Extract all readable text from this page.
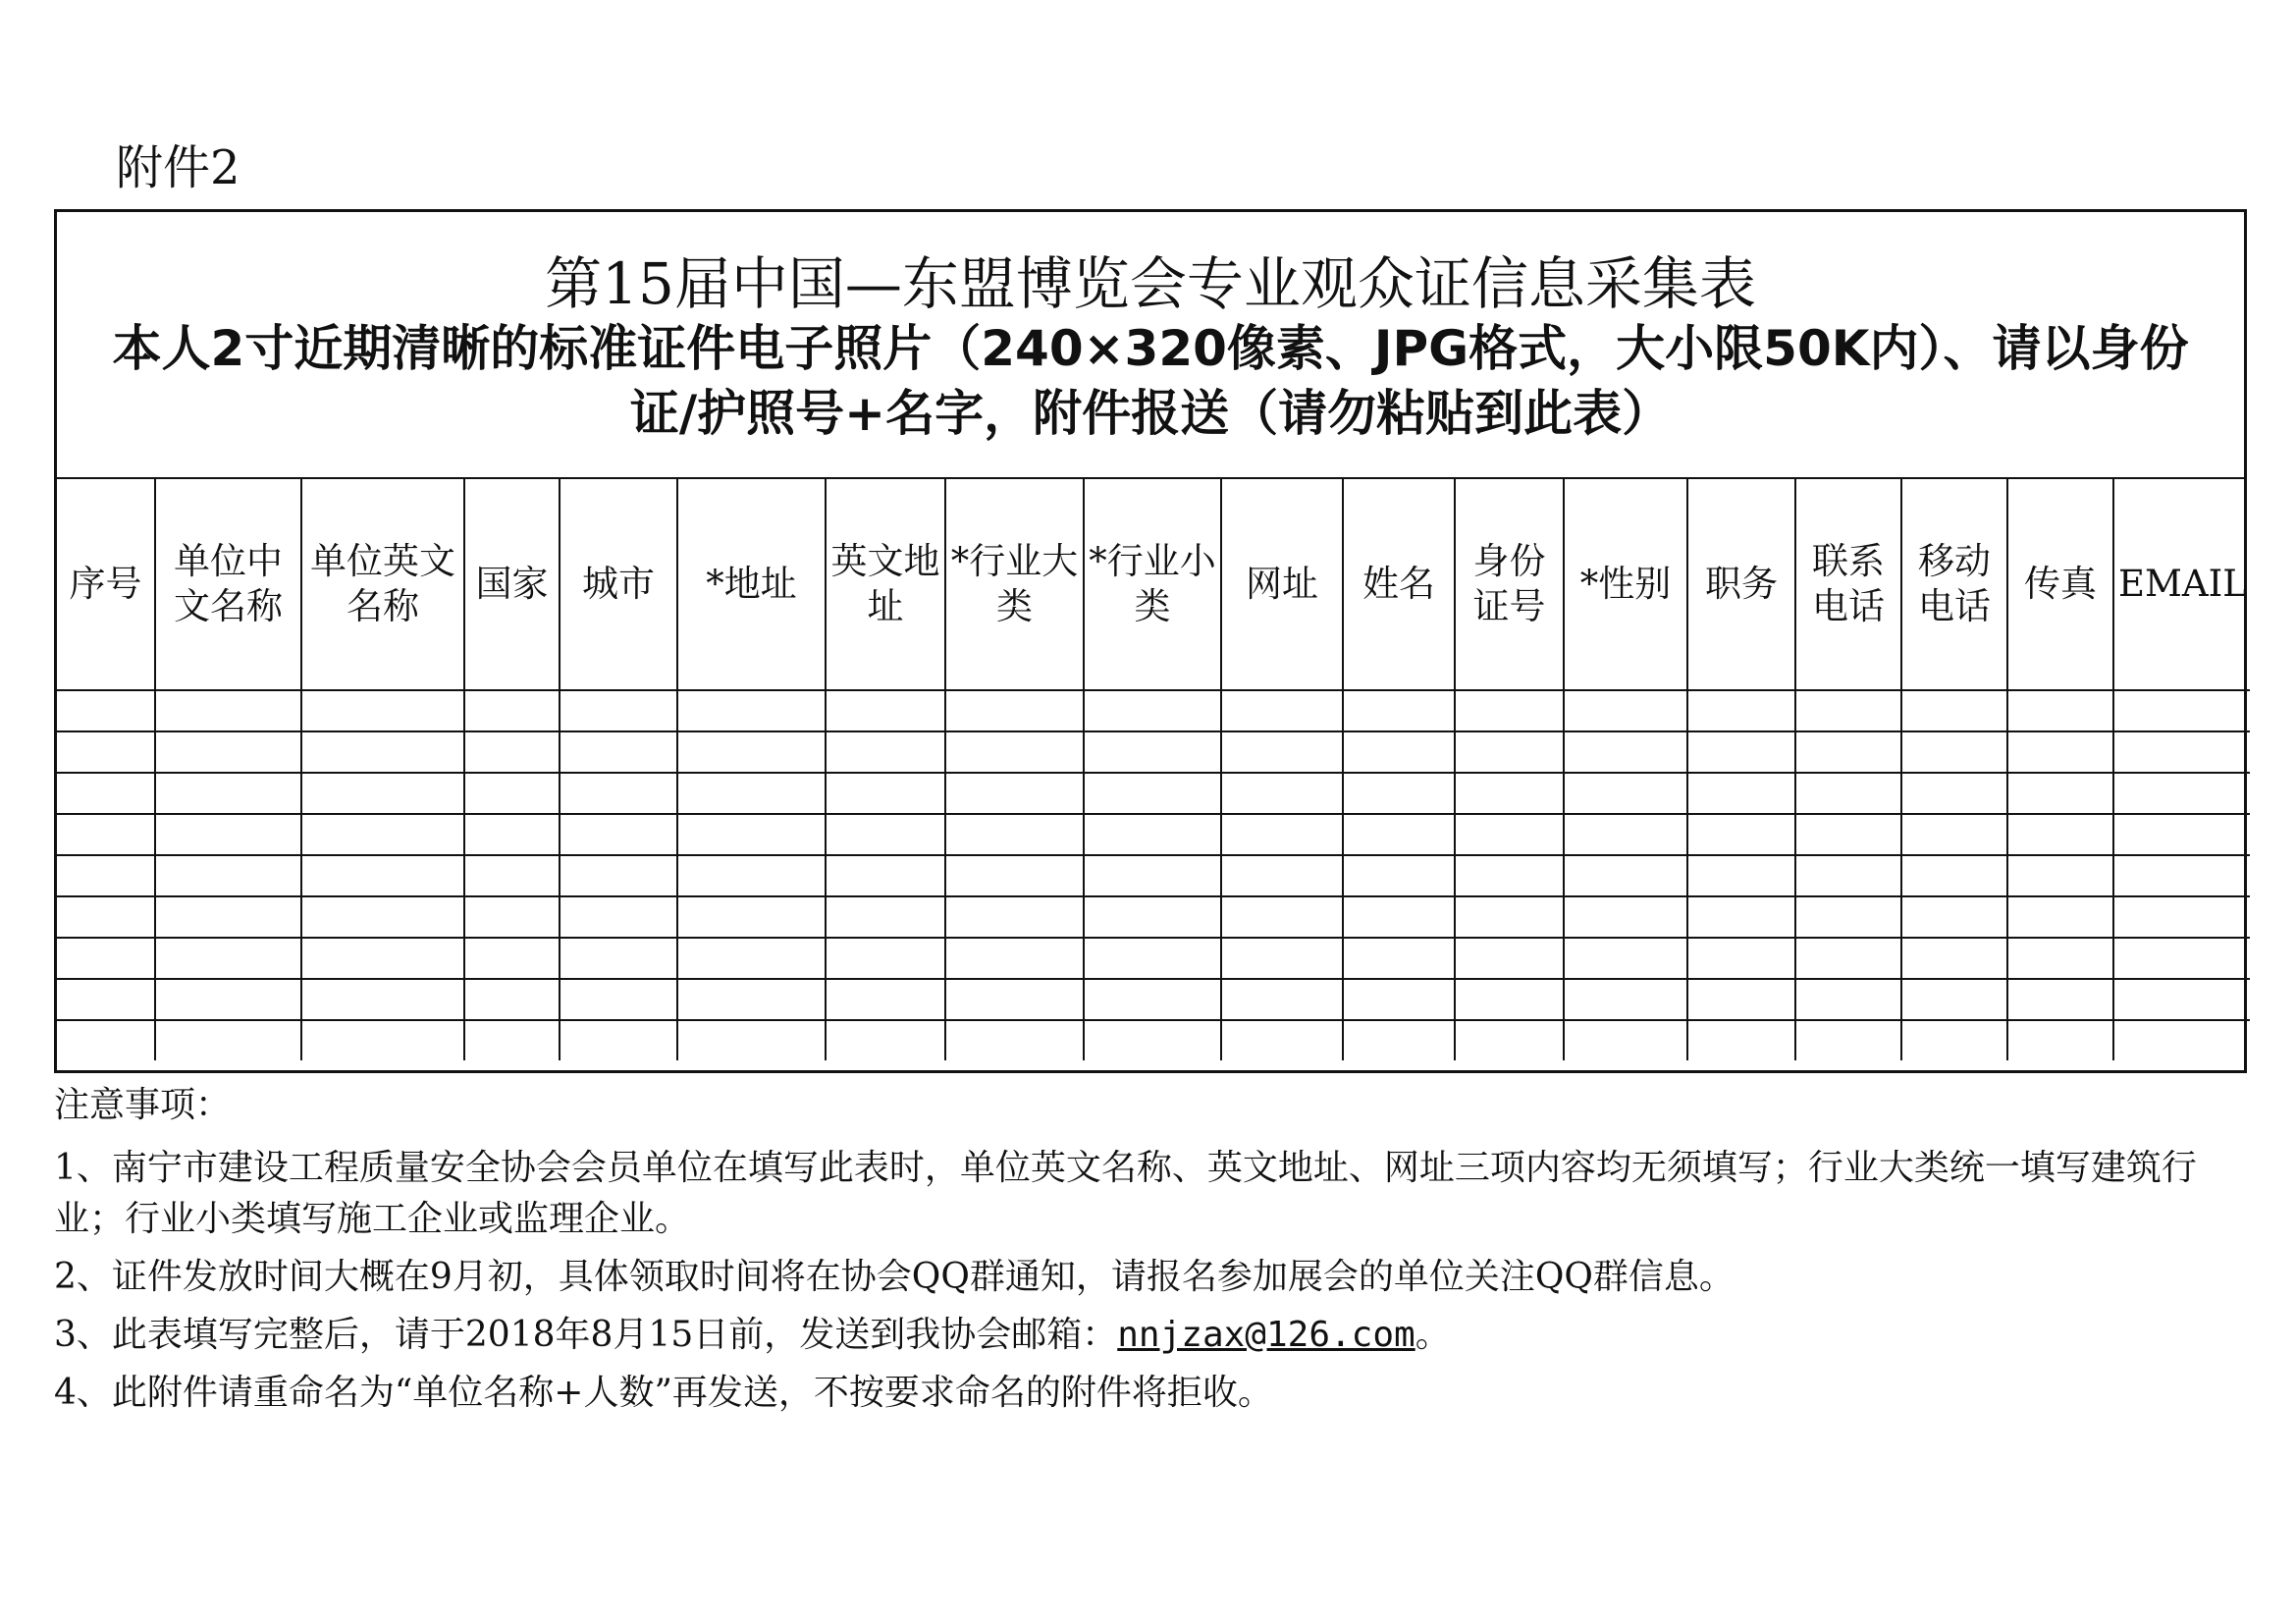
附件2
第15届中国—东盟博览会专业观众证信息采集表
本人2寸近期清晰的标准证件电子照片（240×320像素、JPG格式，大小限50K内）、请以身份证/护照号+名字，附件报送（请勿粘贴到此表）
序号	单位中文名称	单位英文名称	国家	城市	*地址	英文地址	*行业大类	*行业小类	网址	姓名	身份证号	*性别	职务	联系电话	移动电话	传真	EMAIL

注意事项：

1、南宁市建设工程质量安全协会会员单位在填写此表时，单位英文名称、英文地址、网址三项内容均无须填写；行业大类统一填写建筑行业；行业小类填写施工企业或监理企业。

2、证件发放时间大概在9月初，具体领取时间将在协会QQ群通知，请报名参加展会的单位关注QQ群信息。

3、此表填写完整后，请于2018年8月15日前，发送到我协会邮箱：nnjzax@126.com。

4、此附件请重命名为“单位名称+人数”再发送，不按要求命名的附件将拒收。
